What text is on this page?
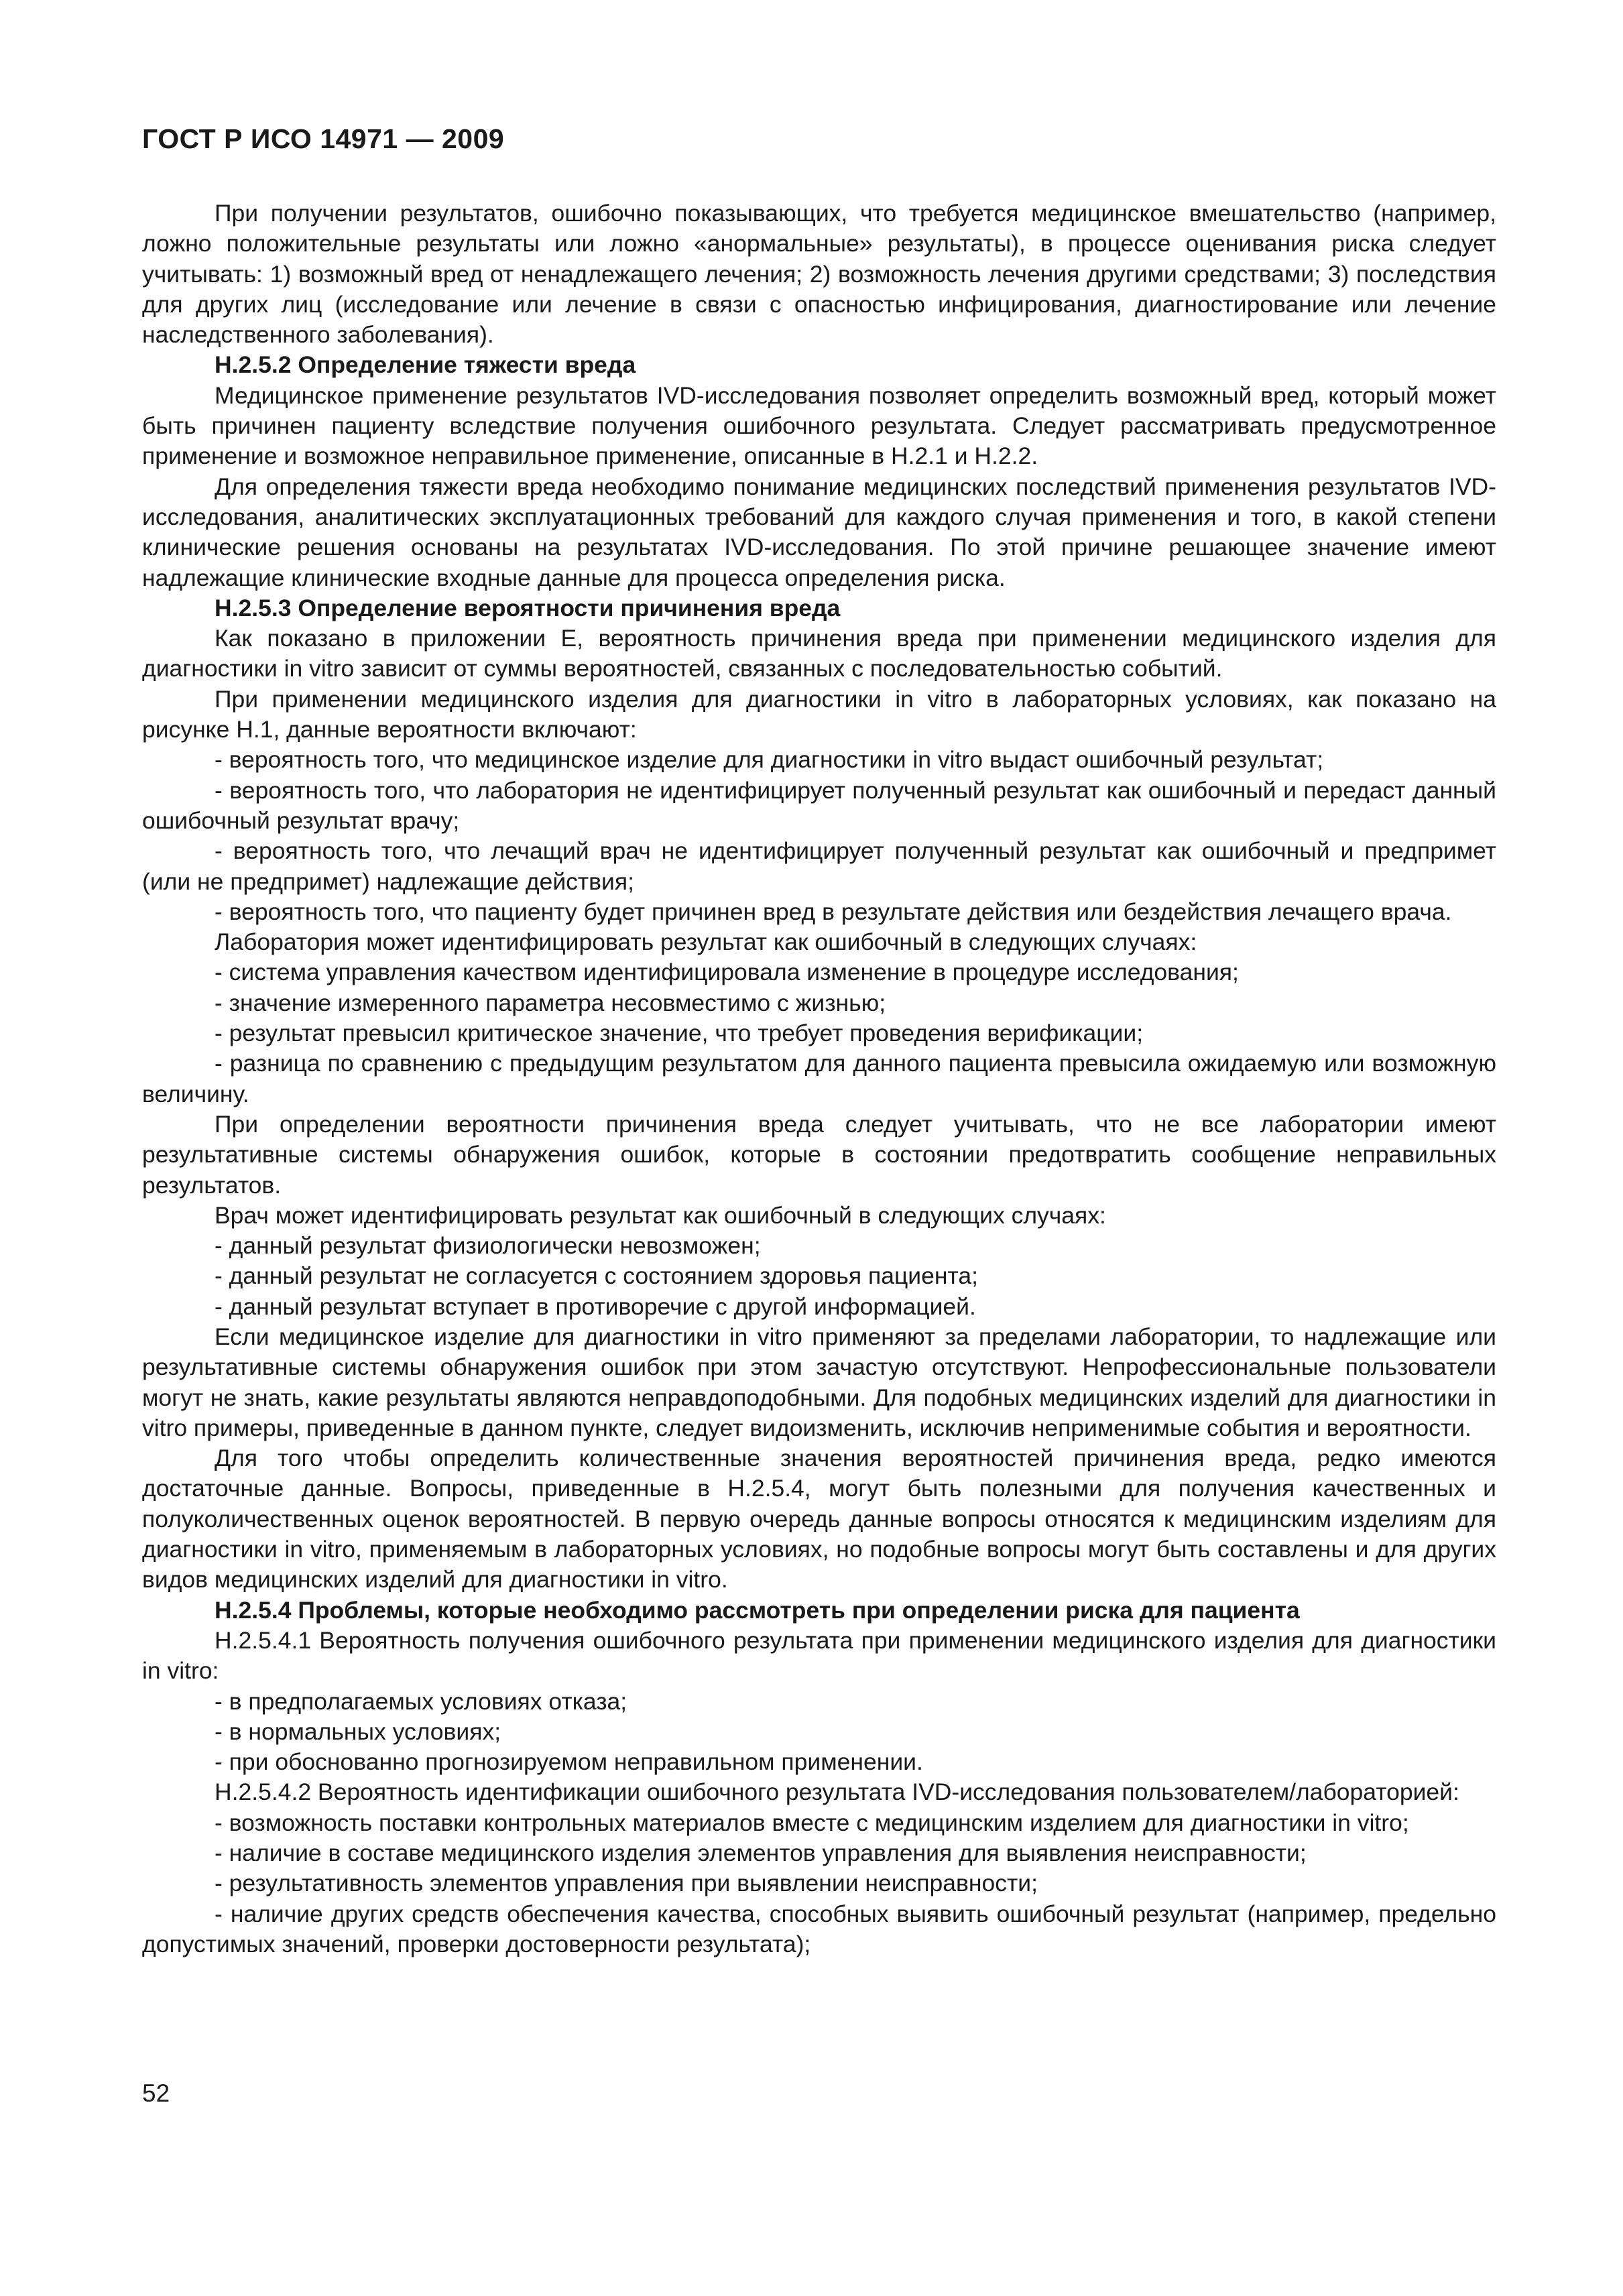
ГОСТ Р ИСО 14971 — 2009

При получении результатов, ошибочно показывающих, что требуется медицинское вмешательство (например, ложно положительные результаты или ложно «анормальные» результаты), в процессе оценивания риска следует учитывать: 1) возможный вред от ненадлежащего лечения; 2) возможность лечения другими средствами; 3) последствия для других лиц (исследование или лечение в связи с опасностью инфицирования, диагностирование или лечение наследственного заболевания).

Н.2.5.2 Определение тяжести вреда

Медицинское применение результатов IVD-исследования позволяет определить возможный вред, который может быть причинен пациенту вследствие получения ошибочного результата. Следует рассматривать предусмотренное применение и возможное неправильное применение, описанные в Н.2.1 и Н.2.2.

Для определения тяжести вреда необходимо понимание медицинских последствий применения результатов IVD-исследования, аналитических эксплуатационных требований для каждого случая применения и того, в какой степени клинические решения основаны на результатах IVD-исследования. По этой причине решающее значение имеют надлежащие клинические входные данные для процесса определения риска.

Н.2.5.3 Определение вероятности причинения вреда

Как показано в приложении Е, вероятность причинения вреда при применении медицинского изделия для диагностики in vitro зависит от суммы вероятностей, связанных с последовательностью событий.

При применении медицинского изделия для диагностики in vitro в лабораторных условиях, как показано на рисунке Н.1, данные вероятности включают:

- вероятность того, что медицинское изделие для диагностики in vitro выдаст ошибочный результат;

- вероятность того, что лаборатория не идентифицирует полученный результат как ошибочный и передаст данный ошибочный результат врачу;

- вероятность того, что лечащий врач не идентифицирует полученный результат как ошибочный и предпримет (или не предпримет) надлежащие действия;

- вероятность того, что пациенту будет причинен вред в результате действия или бездействия лечащего врача.

Лаборатория может идентифицировать результат как ошибочный в следующих случаях:

- система управления качеством идентифицировала изменение в процедуре исследования;

- значение измеренного параметра несовместимо с жизнью;

- результат превысил критическое значение, что требует проведения верификации;

- разница по сравнению с предыдущим результатом для данного пациента превысила ожидаемую или возможную величину.

При определении вероятности причинения вреда следует учитывать, что не все лаборатории имеют результативные системы обнаружения ошибок, которые в состоянии предотвратить сообщение неправильных результатов.

Врач может идентифицировать результат как ошибочный в следующих случаях:

- данный результат физиологически невозможен;

- данный результат не согласуется с состоянием здоровья пациента;

- данный результат вступает в противоречие с другой информацией.

Если медицинское изделие для диагностики in vitro применяют за пределами лаборатории, то надлежащие или результативные системы обнаружения ошибок при этом зачастую отсутствуют. Непрофессиональные пользователи могут не знать, какие результаты являются неправдоподобными. Для подобных медицинских изделий для диагностики in vitro примеры, приведенные в данном пункте, следует видоизменить, исключив неприменимые события и вероятности.

Для того чтобы определить количественные значения вероятностей причинения вреда, редко имеются достаточные данные. Вопросы, приведенные в Н.2.5.4, могут быть полезными для получения качественных и полуколичественных оценок вероятностей. В первую очередь данные вопросы относятся к медицинским изделиям для диагностики in vitro, применяемым в лабораторных условиях, но подобные вопросы могут быть составлены и для других видов медицинских изделий для диагностики in vitro.

Н.2.5.4 Проблемы, которые необходимо рассмотреть при определении риска для пациента

Н.2.5.4.1 Вероятность получения ошибочного результата при применении медицинского изделия для диагностики in vitro:

- в предполагаемых условиях отказа;

- в нормальных условиях;

- при обоснованно прогнозируемом неправильном применении.

Н.2.5.4.2 Вероятность идентификации ошибочного результата IVD-исследования пользователем/лабораторией:

- возможность поставки контрольных материалов вместе с медицинским изделием для диагностики in vitro;

- наличие в составе медицинского изделия элементов управления для выявления неисправности;

- результативность элементов управления при выявлении неисправности;

- наличие других средств обеспечения качества, способных выявить ошибочный результат (например, предельно допустимых значений, проверки достоверности результата);

52
